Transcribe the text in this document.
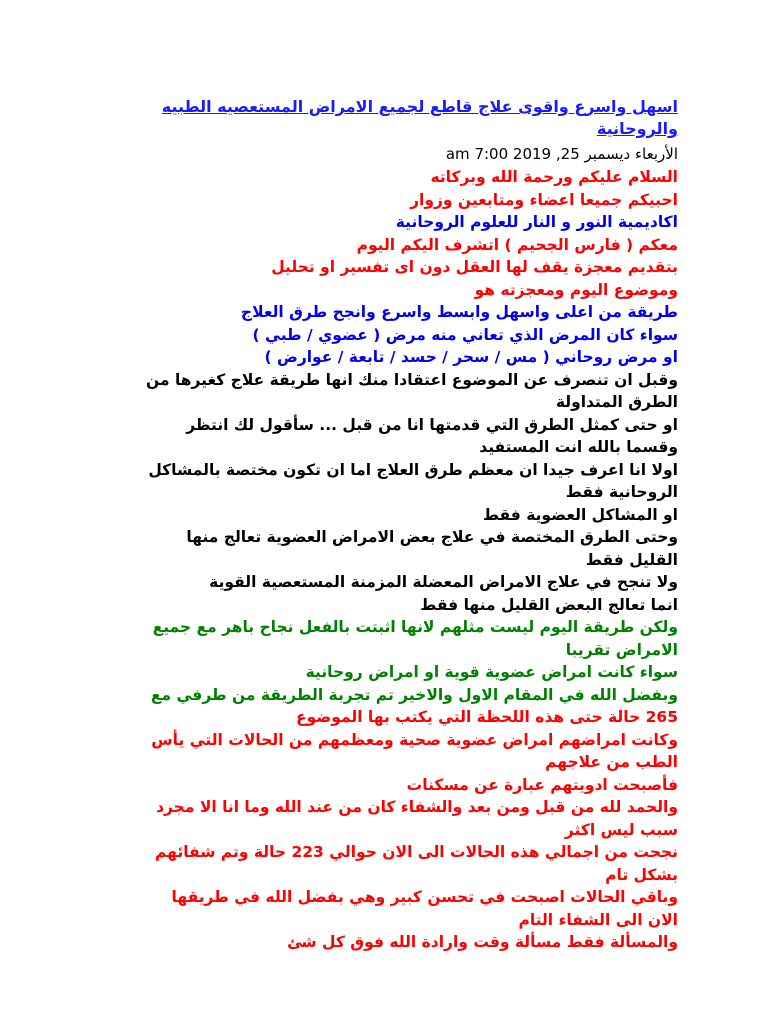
اسهل واسرع واقوى علاج قاطع لجميع الامراض المستعصيه الطبيه والروحانية
الأربعاء ديسمبر 25, 2019 7:00 am
السلام عليكم ورحمة الله وبركاته
احبيكم جميعا اعضاء ومتابعين وزوار
اكاديمية النور و النار للعلوم الروحانية
معكم ( فارس الجحيم ) اتشرف اليكم اليوم
بتقديم معجزة يقف لها العقل دون اى تفسير او تحليل
وموضوع اليوم ومعجزته هو
طريقة من اعلى واسهل وابسط واسرع وانجح طرق العلاج
سواء كان المرض الذي تعاني منه مرض ( عضوي / طبي )
او مرض روحاني ( مس / سحر / حسد / تابعة / عوارض )
وقبل ان تنصرف عن الموضوع اعتقادا منك انها طريقة علاج كغيرها من
الطرق المتداولة
او حتى كمثل الطرق التي قدمتها انا من قبل ... سأقول لك انتظر
وقسما بالله انت المستفيد
اولا انا اعرف جيدا ان معظم طرق العلاج اما ان تكون مختصة بالمشاكل
الروحانية فقط
او المشاكل العضوية فقط
وحتى الطرق المختصة في علاج بعض الامراض العضوية تعالج منها
القليل فقط
ولا تنجح في علاج الامراض المعضلة المزمنة المستعصية القوية
انما تعالج البعض القليل منها فقط
ولكن طريقة اليوم ليست مثلهم لانها اثبتت بالفعل نجاح باهر مع جميع
الامراض تقريبا
سواء كانت امراض عضوية قوية او امراض روحانية
وبفضل الله في المقام الاول والاخير تم تجربة الطريقة من طرفي مع
265 حالة حتى هذه اللحظة التي يكتب بها الموضوع
وكانت امراضهم امراض عضوية صحية ومعظمهم من الحالات التي يأس
الطب من علاجهم
فأصبحت ادويتهم عبارة عن مسكنات
والحمد لله من قبل ومن بعد والشفاء كان من عند الله وما انا الا مجرد
سبب ليس اكثر
نجحت من اجمالي هذه الحالات الى الان حوالي 223 حالة وتم شفائهم
بشكل تام
وباقي الحالات اصبحت في تحسن كبير وهي بفضل الله في طريقها
الان الى الشفاء التام
والمسألة فقط مسألة وقت وارادة الله فوق كل شئ
